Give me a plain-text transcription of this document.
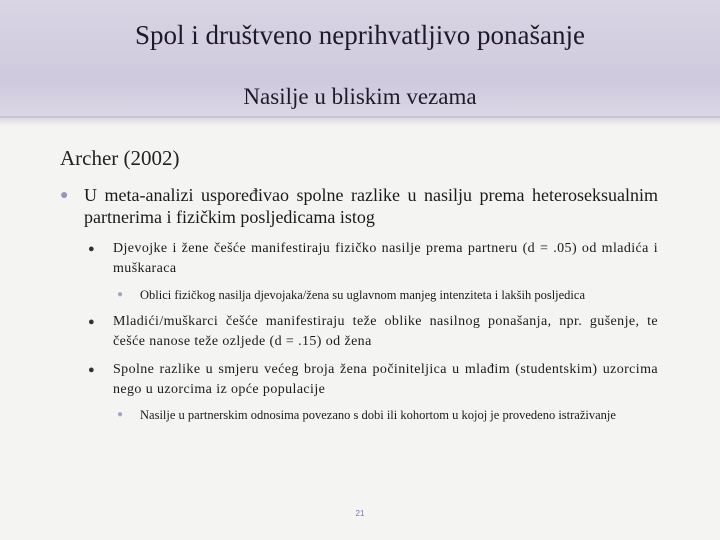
Spol i društveno neprihvatljivo ponašanje
Nasilje u bliskim vezama
Archer (2002)
● U meta-analizi uspoređivao spolne razlike u nasilju prema heteroseksualnim partnerima i fizičkim posljedicama istog
● Djevojke i žene češće manifestiraju fizičko nasilje prema partneru (d = .05) od mladića i muškaraca
● Oblici fizičkog nasilja djevojaka/žena su uglavnom manjeg intenziteta i lakših posljedica
● Mladići/muškarci češće manifestiraju teže oblike nasilnog ponašanja, npr. gušenje, te češće nanose teže ozljede (d = .15) od žena
● Spolne razlike u smjeru većeg broja žena počiniteljica u mlađim (studentskim) uzorcima nego u uzorcima iz opće populacije
● Nasilje u partnerskim odnosima povezano s dobi ili kohortom u kojoj je provedeno istraživanje
21
